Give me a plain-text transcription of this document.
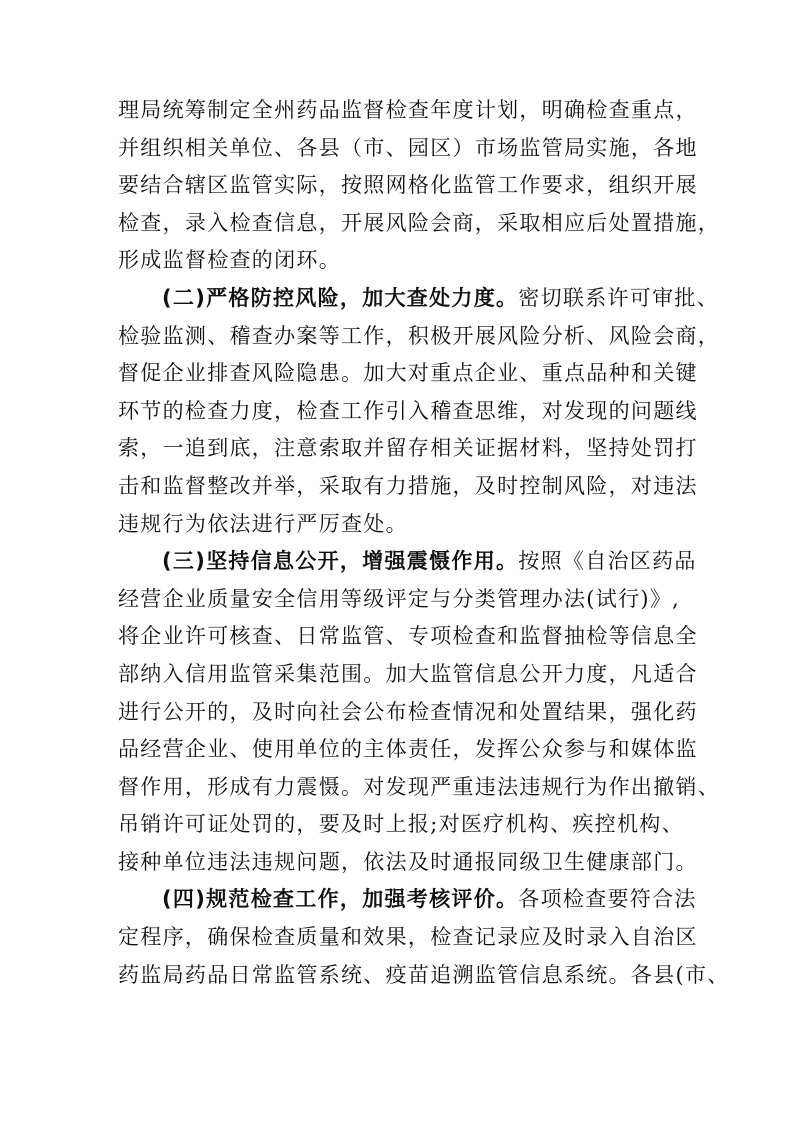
理局统筹制定全州药品监督检查年度计划，明确检查重点，
并组织相关单位、各县（市、园区）市场监管局实施，各地
要结合辖区监管实际，按照网格化监管工作要求，组织开展
检查，录入检查信息，开展风险会商，采取相应后处置措施，
形成监督检查的闭环。
(二)严格防控风险，加大查处力度。密切联系许可审批、
检验监测、稽查办案等工作，积极开展风险分析、风险会商，
督促企业排查风险隐患。加大对重点企业、重点品种和关键
环节的检查力度，检查工作引入稽查思维，对发现的问题线
索，一追到底，注意索取并留存相关证据材料，坚持处罚打
击和监督整改并举，采取有力措施，及时控制风险，对违法
违规行为依法进行严厉查处。
(三)坚持信息公开，增强震慑作用。按照《自治区药品
经营企业质量安全信用等级评定与分类管理办法(试行)》,
将企业许可核查、日常监管、专项检查和监督抽检等信息全
部纳入信用监管采集范围。加大监管信息公开力度，凡适合
进行公开的，及时向社会公布检查情况和处置结果，强化药
品经营企业、使用单位的主体责任，发挥公众参与和媒体监
督作用，形成有力震慑。对发现严重违法违规行为作出撤销、
吊销许可证处罚的，要及时上报;对医疗机构、疾控机构、
接种单位违法违规问题，依法及时通报同级卫生健康部门。
(四)规范检查工作，加强考核评价。各项检查要符合法
定程序，确保检查质量和效果，检查记录应及时录入自治区
药监局药品日常监管系统、疫苗追溯监管信息系统。各县(市、
